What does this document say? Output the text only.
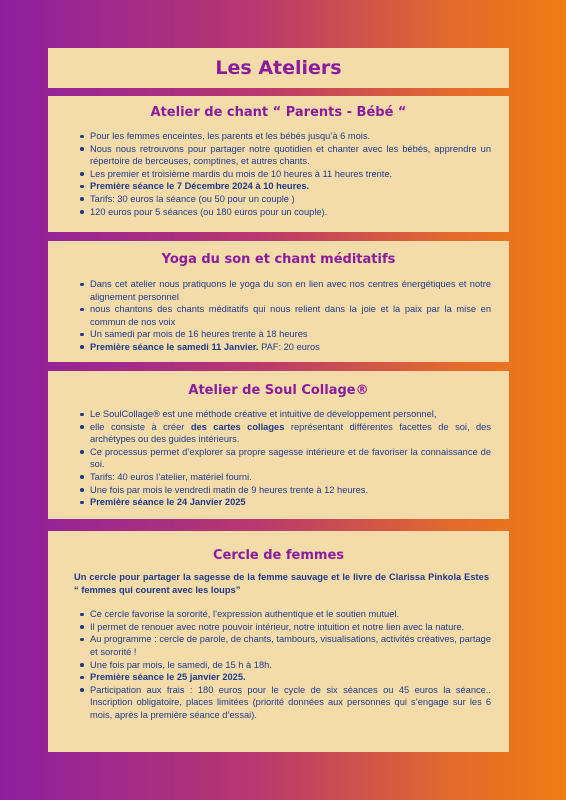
Les Ateliers
Atelier de chant “ Parents - Bébé “
Pour les femmes enceintes, les parents et les bébés jusqu’à 6 mois.
Nous nous retrouvons pour partager notre quotidien et chanter avec les bébés, apprendre un répertoire de berceuses, comptines, et autres chants.
Les premier et troisième mardis du mois de 10 heures à 11 heures trente.
Première séance le 7 Décembre 2024 à 10 heures.
Tarifs: 30 euros la séance (ou 50 pour un couple )
120 euros pour 5 séances (ou 180 euros pour un couple).
Yoga du son et chant méditatifs
Dans cet atelier nous pratiquons le yoga du son en lien avec nos centres énergétiques et notre alignement personnel
nous chantons des chants méditatifs qui nous relient dans la joie et la paix par la mise en commun de nos voix
Un samedi par mois de 16 heures trente à 18 heures
Première séance le samedi 11 Janvier. PAF: 20 euros
Atelier de Soul Collage®
Le SoulCollage® est une méthode créative et intuitive de développement personnel,
elle consiste à créer des cartes collages représentant différentes facettes de soi, des archétypes ou des guides intérieurs.
Ce processus permet d’explorer sa propre sagesse intérieure et de favoriser la connaissance de soi.
Tarifs: 40 euros l’atelier, matériel fourni.
Une fois par mois le vendredi matin de 9 heures trente à 12 heures.
Première séance le 24 Janvier 2025
Cercle de femmes

Un cercle pour partager la sagesse de la femme sauvage et le livre de Clarissa Pinkola Estes “ femmes qui courent avec les loups”

Ce cercle favorise la sororité, l’expression authentique et le soutien mutuel.
Il permet de renouer avec notre pouvoir intérieur, notre intuition et notre lien avec la nature.
Au programme : cercle de parole, de chants, tambours, visualisations, activités créatives, partage et sororité !
Une fois par mois, le samedi, de 15 h à 18h.
Première séance le 25 janvier 2025.
Participation aux frais : 180 euros pour le cycle de six séances ou 45 euros la séance.. Inscription obligatoire, places limitées (priorité données aux personnes qui s’engage sur les 6 mois, après la première séance d’essai).
